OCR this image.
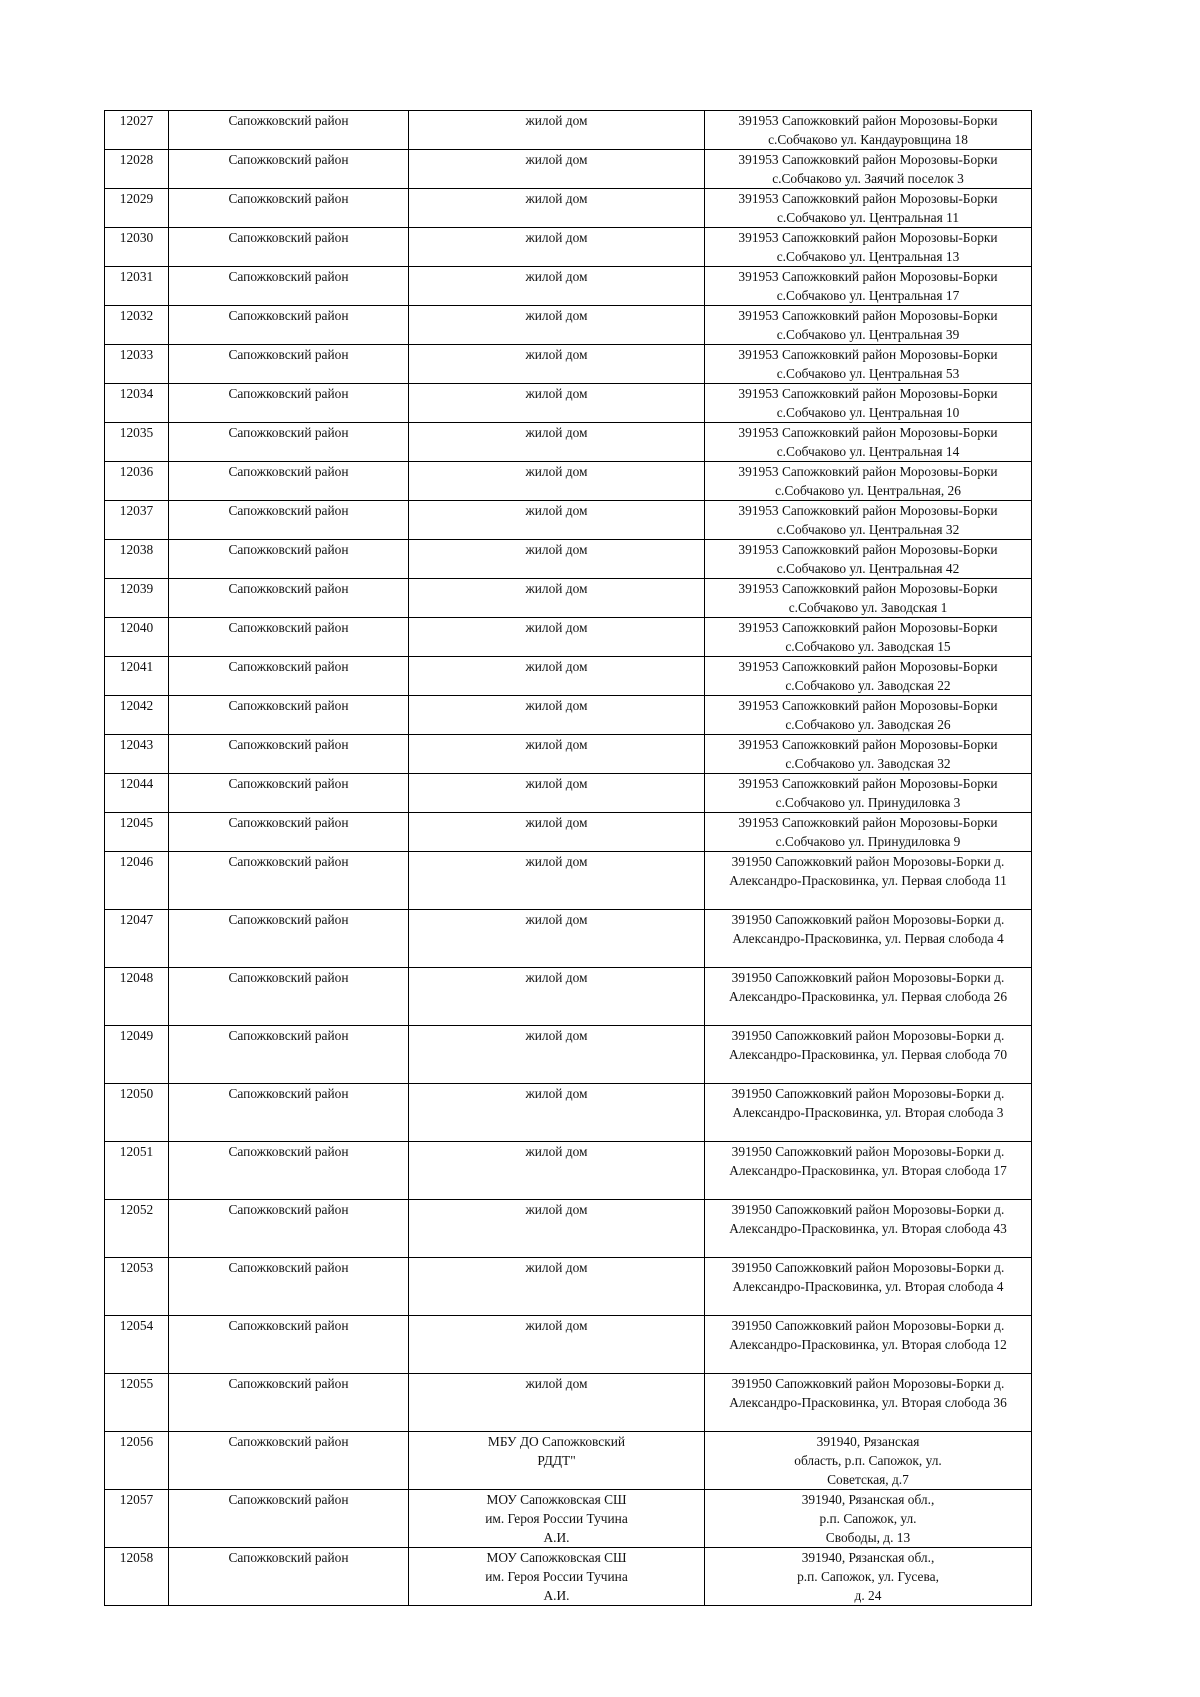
12027	Сапожковский район	жилой дом	391953 Сапожковкий район Морозовы-Борки
с.Собчаково ул. Кандауровщина 18

12028	Сапожковский район	жилой дом	391953 Сапожковкий район Морозовы-Борки
с.Собчаково ул. Заячий поселок 3

12029	Сапожковский район	жилой дом	391953 Сапожковкий район Морозовы-Борки
с.Собчаково ул. Центральная 11

12030	Сапожковский район	жилой дом	391953 Сапожковкий район Морозовы-Борки
с.Собчаково ул. Центральная 13

12031	Сапожковский район	жилой дом	391953 Сапожковкий район Морозовы-Борки
с.Собчаково ул. Центральная 17

12032	Сапожковский район	жилой дом	391953 Сапожковкий район Морозовы-Борки
с.Собчаково ул. Центральная 39

12033	Сапожковский район	жилой дом	391953 Сапожковкий район Морозовы-Борки
с.Собчаково ул. Центральная 53

12034	Сапожковский район	жилой дом	391953 Сапожковкий район Морозовы-Борки
с.Собчаково ул. Центральная 10

12035	Сапожковский район	жилой дом	391953 Сапожковкий район Морозовы-Борки
с.Собчаково ул. Центральная 14

12036	Сапожковский район	жилой дом	391953 Сапожковкий район Морозовы-Борки
с.Собчаково ул. Центральная, 26

12037	Сапожковский район	жилой дом	391953 Сапожковкий район Морозовы-Борки
с.Собчаково ул. Центральная 32

12038	Сапожковский район	жилой дом	391953 Сапожковкий район Морозовы-Борки
с.Собчаково ул. Центральная 42

12039	Сапожковский район	жилой дом	391953 Сапожковкий район Морозовы-Борки
с.Собчаково ул. Заводская 1

12040	Сапожковский район	жилой дом	391953 Сапожковкий район Морозовы-Борки
с.Собчаково ул. Заводская 15

12041	Сапожковский район	жилой дом	391953 Сапожковкий район Морозовы-Борки
с.Собчаково ул. Заводская 22

12042	Сапожковский район	жилой дом	391953 Сапожковкий район Морозовы-Борки
с.Собчаково ул. Заводская 26

12043	Сапожковский район	жилой дом	391953 Сапожковкий район Морозовы-Борки
с.Собчаково ул. Заводская 32

12044	Сапожковский район	жилой дом	391953 Сапожковкий район Морозовы-Борки
с.Собчаково ул. Принудиловка 3

12045	Сапожковский район	жилой дом	391953 Сапожковкий район Морозовы-Борки
с.Собчаково ул. Принудиловка 9

12046	Сапожковский район	жилой дом	391950 Сапожковкий район Морозовы-Борки д.
Александро-Прасковинка, ул. Первая слобода 11

12047	Сапожковский район	жилой дом	391950 Сапожковкий район Морозовы-Борки д.
Александро-Прасковинка, ул. Первая слобода 4

12048	Сапожковский район	жилой дом	391950 Сапожковкий район Морозовы-Борки д.
Александро-Прасковинка, ул. Первая слобода 26

12049	Сапожковский район	жилой дом	391950 Сапожковкий район Морозовы-Борки д.
Александро-Прасковинка, ул. Первая слобода 70

12050	Сапожковский район	жилой дом	391950 Сапожковкий район Морозовы-Борки д.
Александро-Прасковинка, ул. Вторая слобода 3

12051	Сапожковский район	жилой дом	391950 Сапожковкий район Морозовы-Борки д.
Александро-Прасковинка, ул. Вторая слобода 17

12052	Сапожковский район	жилой дом	391950 Сапожковкий район Морозовы-Борки д.
Александро-Прасковинка, ул. Вторая слобода 43

12053	Сапожковский район	жилой дом	391950 Сапожковкий район Морозовы-Борки д.
Александро-Прасковинка, ул. Вторая слобода 4

12054	Сапожковский район	жилой дом	391950 Сапожковкий район Морозовы-Борки д.
Александро-Прасковинка, ул. Вторая слобода 12

12055	Сапожковский район	жилой дом	391950 Сапожковкий район Морозовы-Борки д.
Александро-Прасковинка, ул. Вторая слобода 36

12056	Сапожковский район	МБУ ДО Сапожковский
РДДТ"	391940, Рязанская
область, р.п. Сапожок, ул.
Советская, д.7

12057	Сапожковский район	МОУ Сапожковская СШ
им. Героя России Тучина
А.И.	391940, Рязанская обл.,
р.п. Сапожок, ул.
Свободы, д. 13

12058	Сапожковский район	МОУ Сапожковская СШ
им. Героя России Тучина
А.И.	391940, Рязанская обл.,
р.п. Сапожок, ул. Гусева,
д. 24
